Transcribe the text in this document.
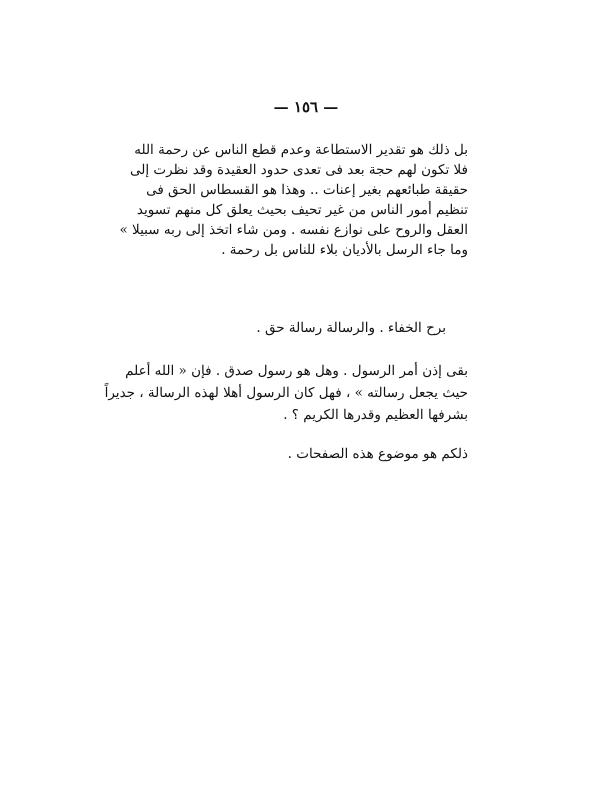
— ١٥٦ —
بل ذلك هو تقدير الاستطاعة وعدم قطع الناس عن رحمة الله
فلا تكون لهم حجة بعد فى تعدى حدود العقيدة وقد نظرت إلى
حقيقة طبائعهم بغير إعنات .. وهذا هو القسطاس الحق فى
تنظيم أمور الناس من غير تحيف بحيث يعلق كل منهم تسويد
العقل والروح على نوازع نفسه . ومن شاء اتخذ إلى ربه سبيلا »
وما جاء الرسل بالأديان بلاء للناس بل رحمة .
برح الخفاء . والرسالة رسالة حق .
بقى إذن أمر الرسول . وهل هو رسول صدق . فإن « الله أعلم
حيث يجعل رسالته » ، فهل كان الرسول أهلا لهذه الرسالة ، جديراً
بشرفها العظيم وقدرها الكريم ؟ .
ذلكم هو موضوع هذه الصفحات .
